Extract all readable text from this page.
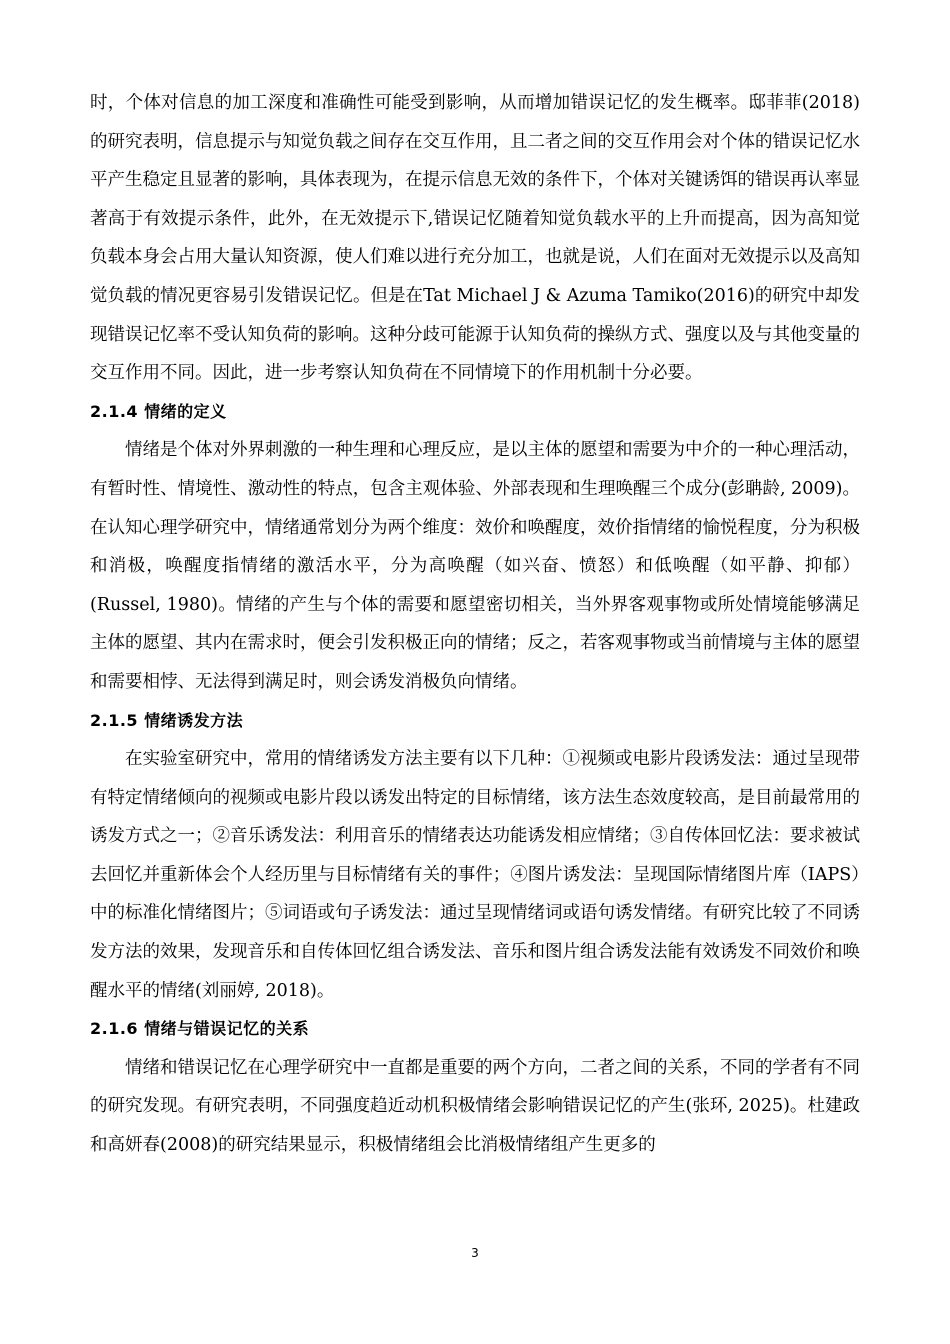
时，个体对信息的加工深度和准确性可能受到影响，从而增加错误记忆的发生概率。邸菲菲(2018)的研究表明，信息提示与知觉负载之间存在交互作用，且二者之间的交互作用会对个体的错误记忆水平产生稳定且显著的影响，具体表现为，在提示信息无效的条件下，个体对关键诱饵的错误再认率显著高于有效提示条件，此外，在无效提示下,错误记忆随着知觉负载水平的上升而提高，因为高知觉负载本身会占用大量认知资源，使人们难以进行充分加工，也就是说，人们在面对无效提示以及高知觉负载的情况更容易引发错误记忆。但是在Tat Michael J & Azuma Tamiko(2016)的研究中却发现错误记忆率不受认知负荷的影响。这种分歧可能源于认知负荷的操纵方式、强度以及与其他变量的交互作用不同。因此，进一步考察认知负荷在不同情境下的作用机制十分必要。

2.1.4 情绪的定义

情绪是个体对外界刺激的一种生理和心理反应，是以主体的愿望和需要为中介的一种心理活动，有暂时性、情境性、激动性的特点，包含主观体验、外部表现和生理唤醒三个成分(彭聃龄, 2009)。在认知心理学研究中，情绪通常划分为两个维度：效价和唤醒度，效价指情绪的愉悦程度，分为积极和消极，唤醒度指情绪的激活水平，分为高唤醒（如兴奋、愤怒）和低唤醒（如平静、抑郁）(Russel, 1980)。情绪的产生与个体的需要和愿望密切相关，当外界客观事物或所处情境能够满足主体的愿望、其内在需求时，便会引发积极正向的情绪；反之，若客观事物或当前情境与主体的愿望和需要相悖、无法得到满足时，则会诱发消极负向情绪。

2.1.5 情绪诱发方法

在实验室研究中，常用的情绪诱发方法主要有以下几种：①视频或电影片段诱发法：通过呈现带有特定情绪倾向的视频或电影片段以诱发出特定的目标情绪，该方法生态效度较高，是目前最常用的诱发方式之一；②音乐诱发法：利用音乐的情绪表达功能诱发相应情绪；③自传体回忆法：要求被试去回忆并重新体会个人经历里与目标情绪有关的事件；④图片诱发法：呈现国际情绪图片库（IAPS）中的标准化情绪图片；⑤词语或句子诱发法：通过呈现情绪词或语句诱发情绪。有研究比较了不同诱发方法的效果，发现音乐和自传体回忆组合诱发法、音乐和图片组合诱发法能有效诱发不同效价和唤醒水平的情绪(刘丽婷, 2018)。

2.1.6 情绪与错误记忆的关系

情绪和错误记忆在心理学研究中一直都是重要的两个方向，二者之间的关系，不同的学者有不同的研究发现。有研究表明，不同强度趋近动机积极情绪会影响错误记忆的产生(张环, 2025)。杜建政和高妍春(2008)的研究结果显示，积极情绪组会比消极情绪组产生更多的

3
